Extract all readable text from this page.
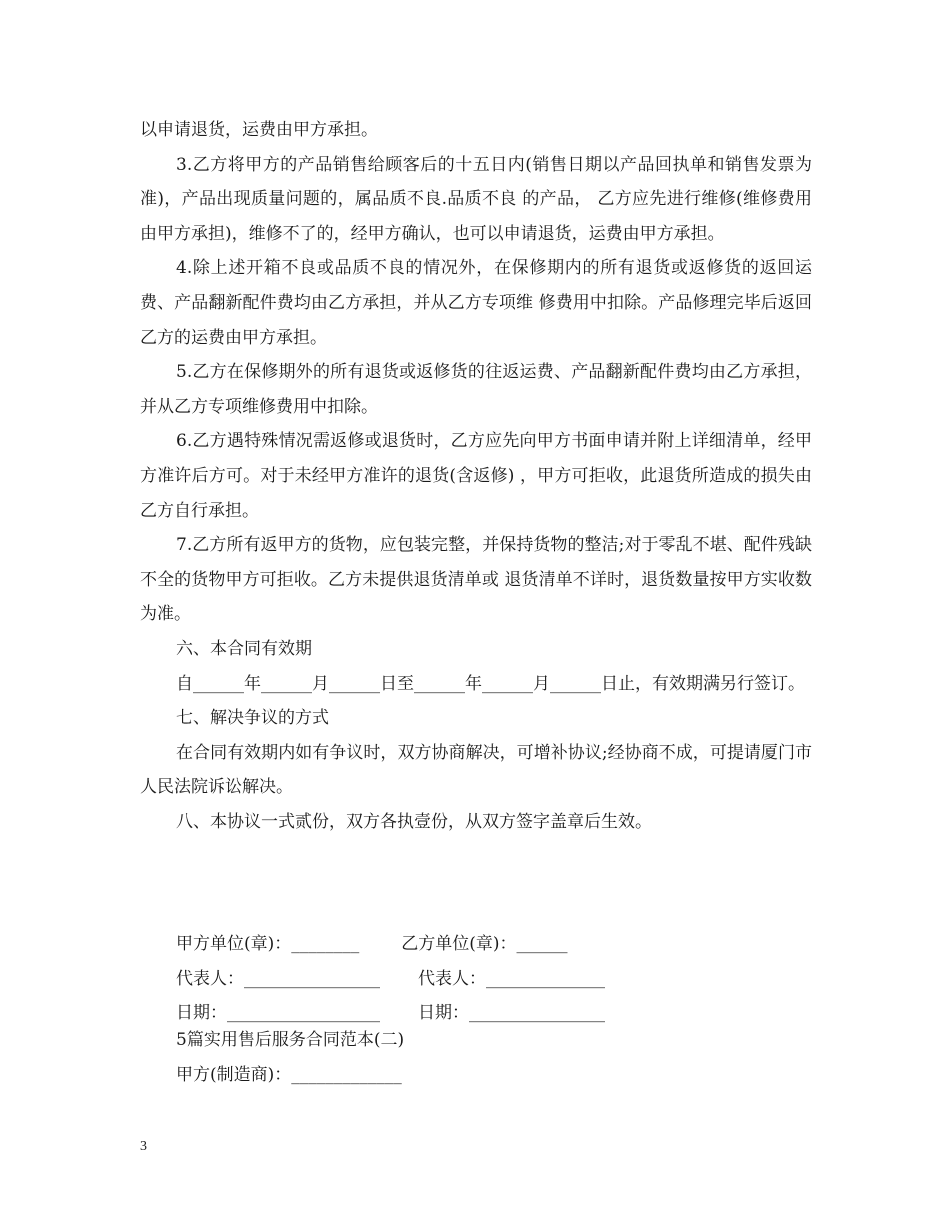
以申请退货，运费由甲方承担。

3.乙方将甲方的产品销售给顾客后的十五日内(销售日期以产品回执单和销售发票为准)，产品出现质量问题的，属品质不良.品质不良 的产品， 乙方应先进行维修(维修费用由甲方承担)，维修不了的，经甲方确认，也可以申请退货，运费由甲方承担。

4.除上述开箱不良或品质不良的情况外，在保修期内的所有退货或返修货的返回运费、产品翻新配件费均由乙方承担，并从乙方专项维 修费用中扣除。产品修理完毕后返回乙方的运费由甲方承担。

5.乙方在保修期外的所有退货或返修货的往返运费、产品翻新配件费均由乙方承担，并从乙方专项维修费用中扣除。

6.乙方遇特殊情况需返修或退货时，乙方应先向甲方书面申请并附上详细清单，经甲方准许后方可。对于未经甲方准许的退货(含返修) ，甲方可拒收，此退货所造成的损失由乙方自行承担。

7.乙方所有返甲方的货物，应包装完整，并保持货物的整洁;对于零乱不堪、配件残缺不全的货物甲方可拒收。乙方未提供退货清单或 退货清单不详时，退货数量按甲方实收数为准。

六、本合同有效期

自______年______月______日至______年______月______日止，有效期满另行签订。

七、解决争议的方式

在合同有效期内如有争议时，双方协商解决，可增补协议;经协商不成，可提请厦门市人民法院诉讼解决。

八、本协议一式贰份，双方各执壹份，从双方签字盖章后生效。

甲方单位(章)：________ 乙方单位(章)：______
代表人：________________ 代表人：______________
日期：__________________ 日期：________________
5篇实用售后服务合同范本(二)
甲方(制造商)：_____________
3
